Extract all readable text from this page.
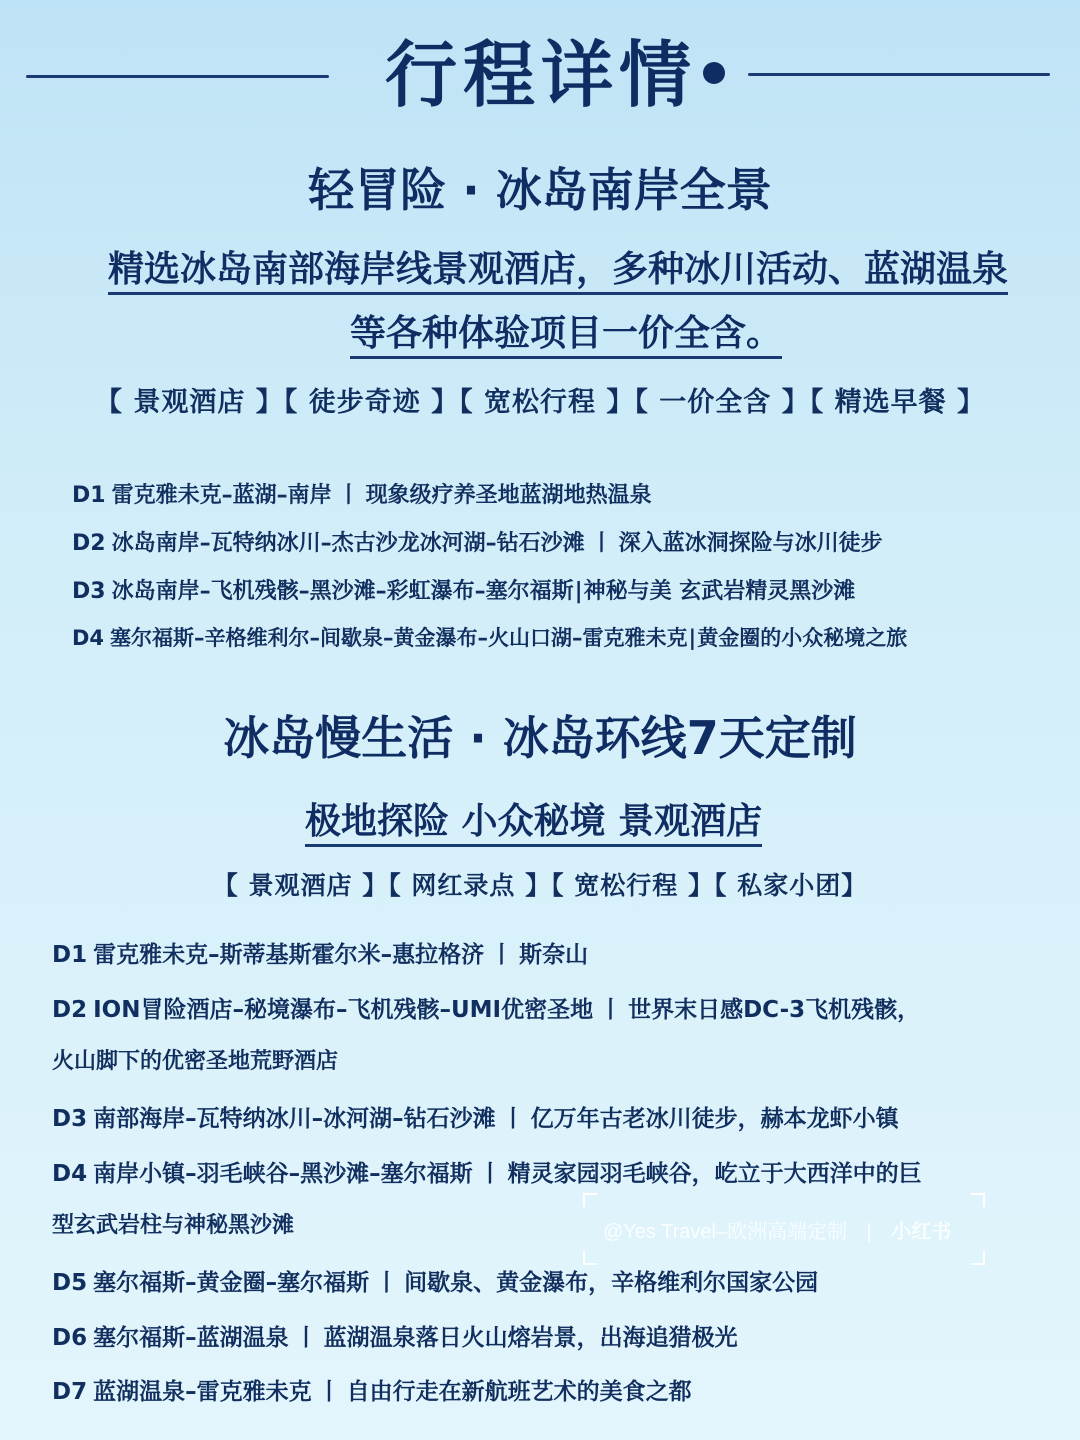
行程详情
轻冒险 · 冰岛南岸全景
精选冰岛南部海岸线景观酒店，多种冰川活动、蓝湖温泉
等各种体验项目一价全含。
【 景观酒店 】【 徒步奇迹 】【 宽松行程 】【 一价全含 】【 精选早餐 】
D1 雷克雅未克–蓝湖–南岸 丨 现象级疗养圣地蓝湖地热温泉
D2 冰岛南岸–瓦特纳冰川–杰古沙龙冰河湖–钻石沙滩 丨 深入蓝冰洞探险与冰川徒步
D3 冰岛南岸–飞机残骸–黑沙滩–彩虹瀑布–塞尔福斯|神秘与美 玄武岩精灵黑沙滩
D4 塞尔福斯–辛格维利尔–间歇泉–黄金瀑布–火山口湖–雷克雅未克|黄金圈的小众秘境之旅
冰岛慢生活 · 冰岛环线7天定制
极地探险 小众秘境 景观酒店
【 景观酒店 】【 网红录点 】【 宽松行程 】【 私家小团】
D1 雷克雅未克–斯蒂基斯霍尔米–惠拉格济 丨 斯奈山
D2 ION冒险酒店–秘境瀑布–飞机残骸–UMI优密圣地 丨 世界末日感DC-3飞机残骸，
火山脚下的优密圣地荒野酒店
D3 南部海岸–瓦特纳冰川–冰河湖–钻石沙滩 丨 亿万年古老冰川徒步，赫本龙虾小镇
D4 南岸小镇–羽毛峡谷–黑沙滩–塞尔福斯 丨 精灵家园羽毛峡谷，屹立于大西洋中的巨
型玄武岩柱与神秘黑沙滩
D5 塞尔福斯–黄金圈–塞尔福斯 丨 间歇泉、黄金瀑布，辛格维利尔国家公园
D6 塞尔福斯–蓝湖温泉 丨 蓝湖温泉落日火山熔岩景，出海追猎极光
D7 蓝湖温泉–雷克雅未克 丨 自由行走在新航班艺术的美食之都
@Yes Travel–欧洲高端定制 | 小红书
